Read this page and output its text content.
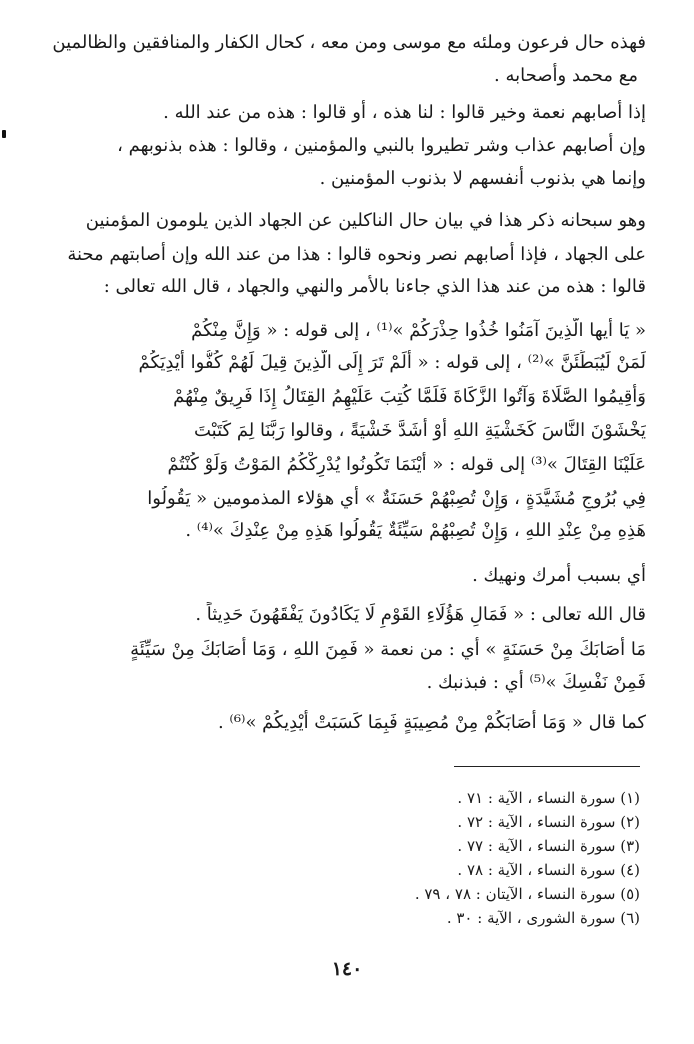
فهذه حال فرعون وملئه مع موسى ومن معه ، كحال الكفار والمنافقين والظالمين
مع محمد وأصحابه .
إذا أصابهم نعمة وخير قالوا : لنا هذه ، أو قالوا : هذه من عند الله .
وإن أصابهم عذاب وشر تطيروا بالنبي والمؤمنين ، وقالوا : هذه بذنوبهم ،
وإنما هي بذنوب أنفسهم لا بذنوب المؤمنين .
وهو سبحانه ذكر هذا في بيان حال الناكلين عن الجهاد الذين يلومون المؤمنين
على الجهاد ، فإذا أصابهم نصر ونحوه قالوا : هذا من عند الله وإن أصابتهم محنة
قالوا : هذه من عند هذا الذي جاءنا بالأمر والنهي والجهاد ، قال الله تعالى :
« يَا أيها الَّذِينَ آمَنُوا خُذُوا حِذْرَكُمْ »⁽¹⁾ ، إلى قوله : « وَإِنَّ مِنْكُمْ
لَمَنْ لَيُبَطِّئَنَّ »⁽²⁾ ، إلى قوله : « أَلَمْ تَرَ إِلَى الَّذِينَ قِيلَ لَهُمْ كُفُّوا أَيْدِيَكُمْ
وَأَقِيمُوا الصَّلَاةَ وَآتُوا الزَّكَاةَ فَلَمَّا كُتِبَ عَلَيْهِمُ القِتَالُ إِذَا فَرِيقٌ مِنْهُمْ
يَخْشَوْنَ النَّاسَ كَخَشْيَةِ اللهِ أَوْ أَشَدَّ خَشْيَةً ، وقالوا رَبَّنَا لِمَ كَتَبْتَ
عَلَيْنَا القِتَالَ »⁽³⁾ إلى قوله : « أَيْنَمَا تَكُونُوا يُدْرِكْكُمُ المَوْتُ وَلَوْ كُنْتُمْ
فِي بُرُوجٍ مُشَيَّدَةٍ ، وَإِنْ تُصِبْهُمْ حَسَنَةٌ » أي هؤلاء المذمومين « يَقُولُوا
هَذِهِ مِنْ عِنْدِ اللهِ ، وَإِنْ تُصِبْهُمْ سَيِّئَةٌ يَقُولُوا هَذِهِ مِنْ عِنْدِكَ »⁽⁴⁾ .
أي بسبب أمرك ونهيك .
قال الله تعالى : « فَمَالِ هَؤُلَاءِ القَوْمِ لَا يَكَادُونَ يَفْقَهُونَ حَدِيثاً .
مَا أَصَابَكَ مِنْ حَسَنَةٍ » أي : من نعمة « فَمِنَ اللهِ ، وَمَا أَصَابَكَ مِنْ سَيِّئَةٍ
فَمِنْ نَفْسِكَ »⁽⁵⁾ أي : فبذنبك .
كما قال « وَمَا أَصَابَكُمْ مِنْ مُصِيبَةٍ فَبِمَا كَسَبَتْ أَيْدِيكُمْ »⁽⁶⁾ .
(١) سورة النساء ، الآية : ٧١ .
(٢) سورة النساء ، الآية : ٧٢ .
(٣) سورة النساء ، الآية : ٧٧ .
(٤) سورة النساء ، الآية : ٧٨ .
(٥) سورة النساء ، الآيتان : ٧٨ ، ٧٩ .
(٦) سورة الشورى ، الآية : ٣٠ .
١٤٠
